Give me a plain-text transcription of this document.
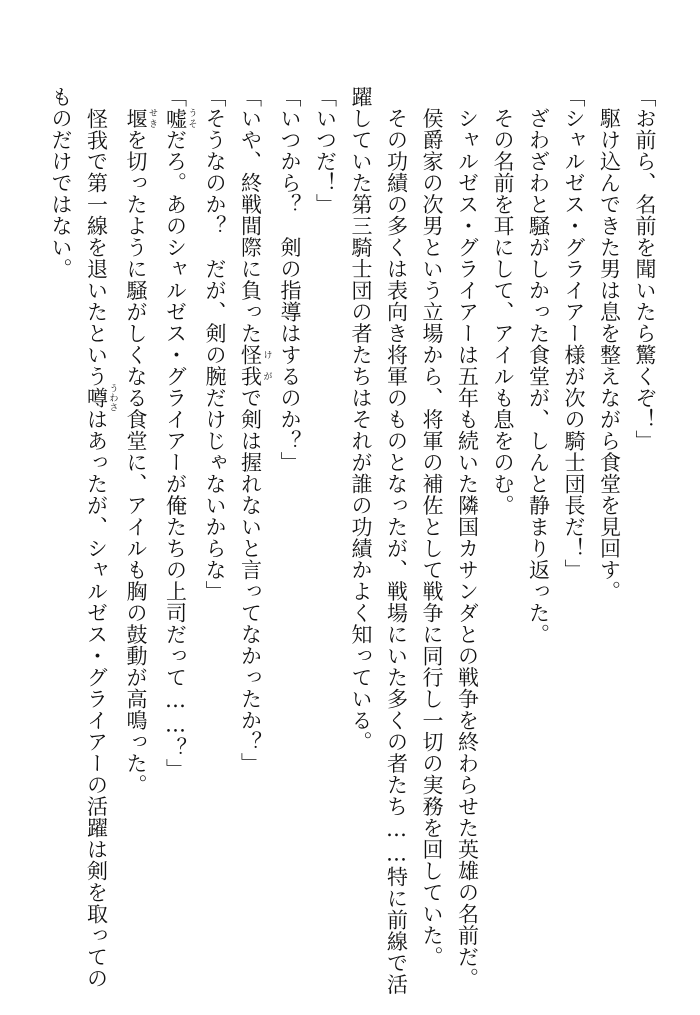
「お前ら、名前を聞いたら驚くぞ！」
　駆け込んできた男は息を整えながら食堂を見回す。
「シャルゼス・グライアー様が次の騎士団長だ！」
　ざわざわと騒がしかった食堂が、しんと静まり返った。
　その名前を耳にして、アイルも息をのむ。
　シャルゼス・グライアーは五年も続いた隣国カサンダとの戦争を終わらせた英雄の名前だ。
　侯爵家の次男という立場から、将軍の補佐として戦争に同行し一切の実務を回していた。
　その功績の多くは表向き将軍のものとなったが、戦場にいた多くの者たち……特に前線で活
躍していた第三騎士団の者たちはそれが誰の功績かよく知っている。
「いつだ！」
「いつから？　剣の指導はするのか？」
「いや、終戦間際に負った怪我 けがで剣は握れないと言ってなかったか？」
「そうなのか？　だが、剣の腕だけじゃないからな」
「嘘 うそだろ。あのシャルゼス・グライアーが俺たちの上司だって……？」
　堰 せきを切ったように騒がしくなる食堂に、アイルも胸の鼓動が高鳴った。
　怪我で第一線を退いたという噂 うわさはあったが、シャルゼス・グライアーの活躍は剣を取っての
ものだけではない。
